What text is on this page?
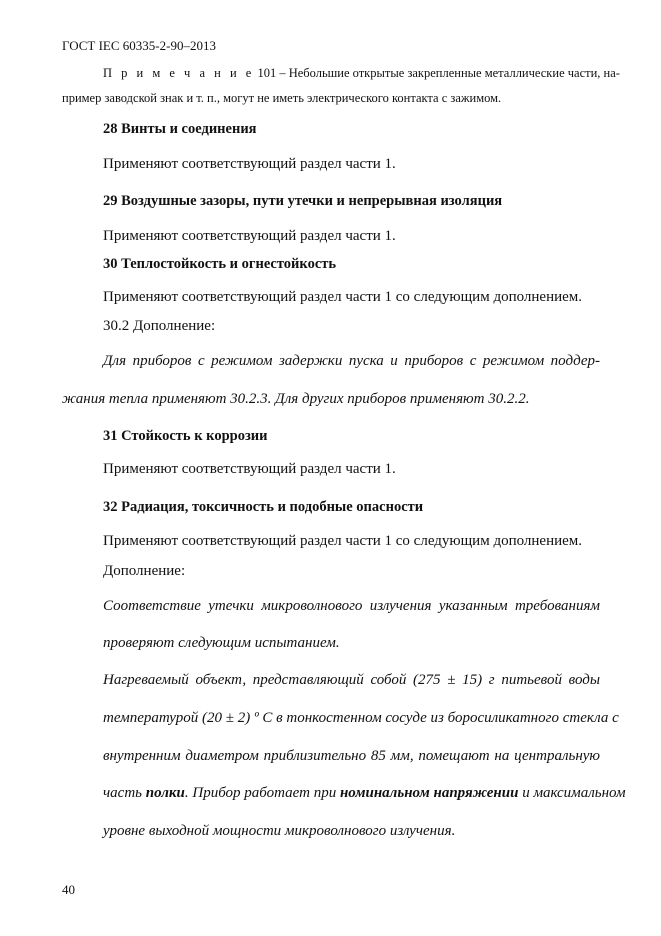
ГОСТ IEC 60335-2-90–2013
П р и м е ч а н и е 101 – Небольшие открытые закрепленные металлические части, на-
пример заводской знак и т. п., могут не иметь электрического контакта с зажимом.
28 Винты и соединения
Применяют соответствующий раздел части 1.
29 Воздушные зазоры, пути утечки и непрерывная изоляция
Применяют соответствующий раздел части 1.
30 Теплостойкость и огнестойкость
Применяют соответствующий раздел части 1 со следующим дополнением.
30.2 Дополнение:
Для приборов с режимом задержки пуска и приборов с режимом поддер-
жания тепла применяют 30.2.3. Для других приборов применяют 30.2.2.
31 Стойкость к коррозии
Применяют соответствующий раздел части 1.
32 Радиация, токсичность и подобные опасности
Применяют соответствующий раздел части 1 со следующим дополнением.
Дополнение:
Соответствие утечки микроволнового излучения указанным требованиям
проверяют следующим испытанием.
Нагреваемый объект, представляющий собой (275 ± 15) г питьевой воды
температурой (20 ± 2) º С в тонкостенном сосуде из боросиликатного стекла с
внутренним диаметром приблизительно 85 мм, помещают на центральную
часть полки. Прибор работает при номинальном напряжении и максимальном
уровне выходной мощности микроволнового излучения.
40
